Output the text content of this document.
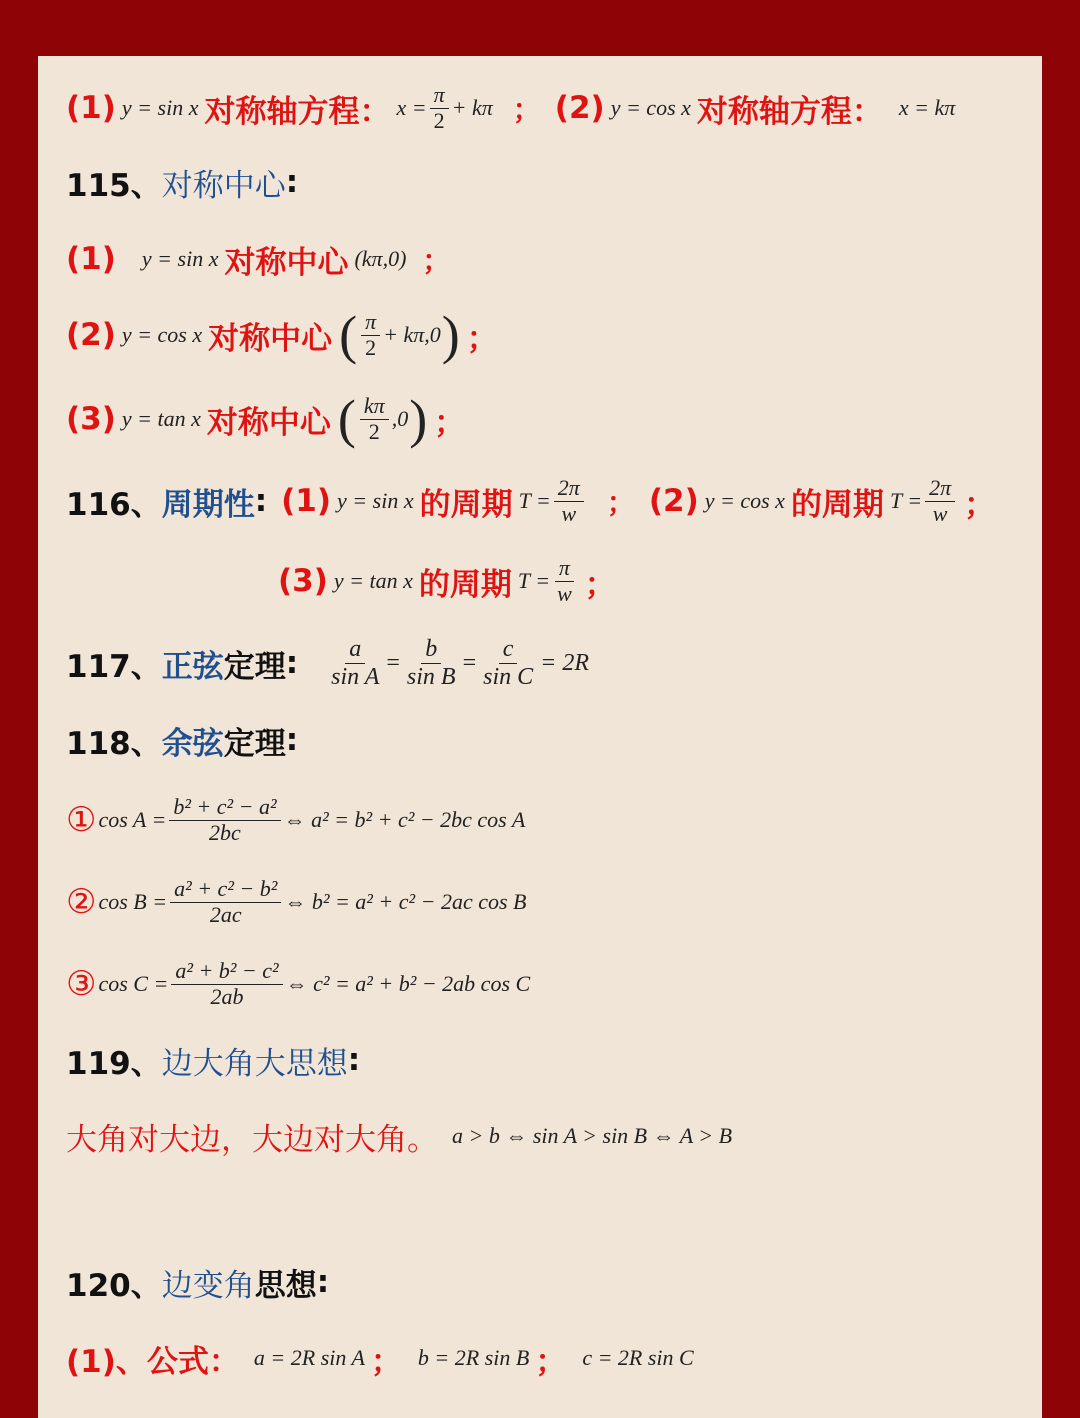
(1) y = sin x 对称轴方程： $x = \frac{\pi}{2} + k\pi$ ； (2) y = cos x 对称轴方程： x = kπ
115、 对称中心 :
(1) y = sin x 对称中心 (kπ,0) ；
(2) y = cos x 对称中心 ( $\frac{\pi}{2} + k\pi,0$ ) ；
(3) y = tan x 对称中心 ( $\frac{k\pi}{2} ,0$ ) ；
116、 周期性 : (1) y = sin x 的周期 $T = \frac{2\pi}{w}$ ； (2) y = cos x 的周期 $T = \frac{2\pi}{w}$ ；
(3) y = tan x 的周期 $T = \frac{\pi}{w}$ ；
117、 正弦 定理 : $\frac{a}{\text{sin A}} = \frac{b}{\text{sin B}} = \frac{c}{\text{sin C}} = 2R$
118、 余弦 定理 :
① $\cos A = \frac{\text{b² + c² − a²}}{2bc}$ ⇔ a² = b² + c² − 2bc cos A
② $\cos B = \frac{\text{a² + c² − b²}}{2ac}$ ⇔ b² = a² + c² − 2ac cos B
③ $\cos C = \frac{\text{a² + b² − c²}}{2ab}$ ⇔ c² = a² + b² − 2ab cos C
119、 边大角大思想 :
大角对大边，大边对大角。 a > b ⇔ sin A > sin B ⇔ A > B
120、 边变角 思想 :
(1)、公式： a = 2R sin A ； b = 2R sin B ； c = 2R sin C
